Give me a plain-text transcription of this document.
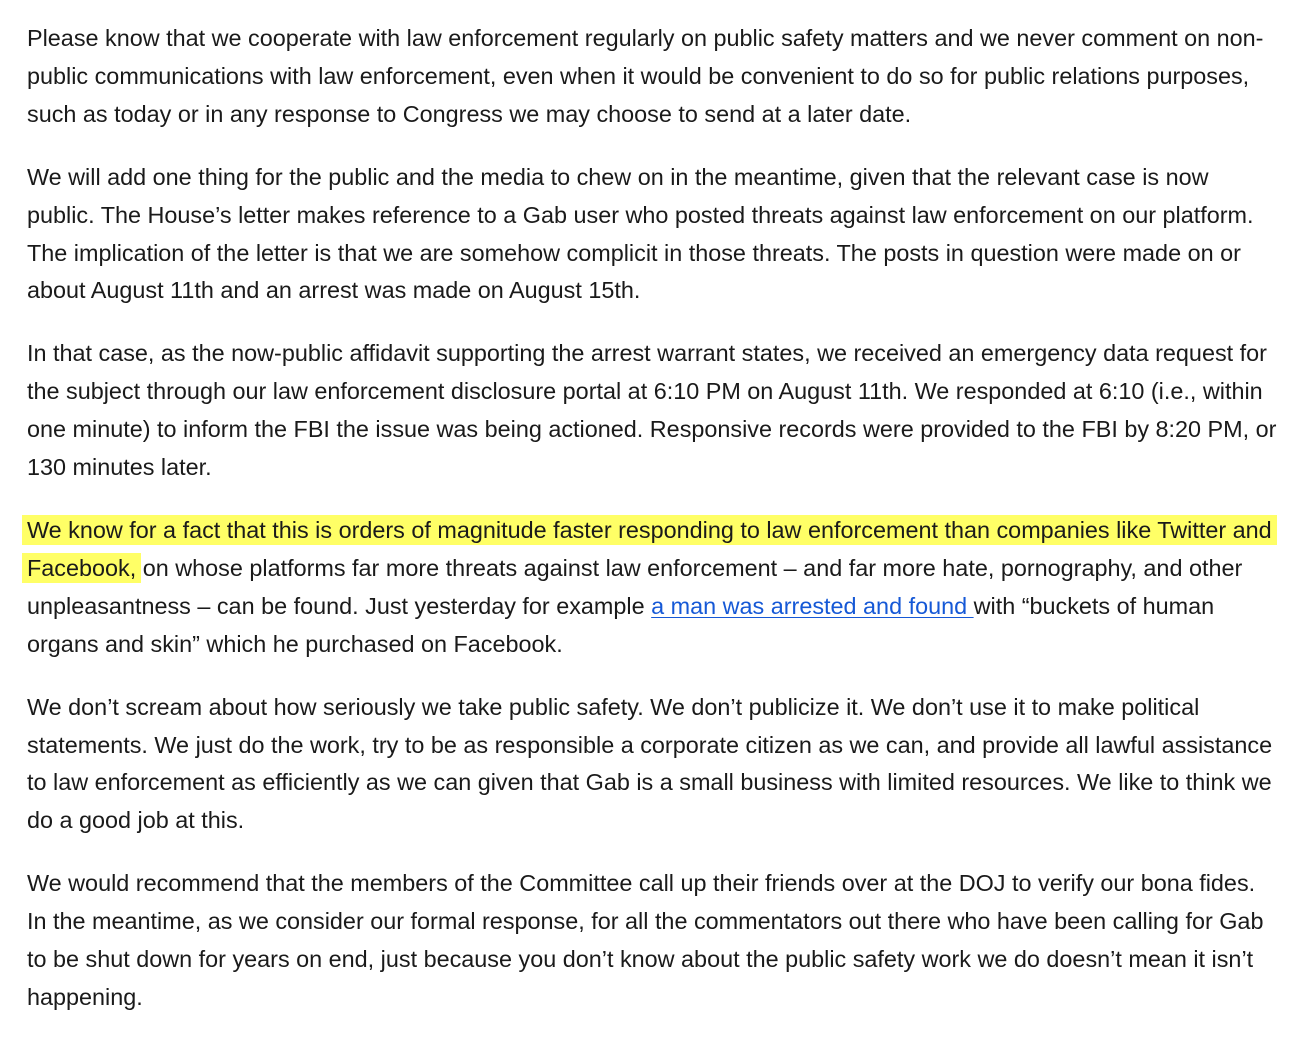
Please know that we cooperate with law enforcement regularly on public safety matters and we never comment on non-public communications with law enforcement, even when it would be convenient to do so for public relations purposes, such as today or in any response to Congress we may choose to send at a later date.

We will add one thing for the public and the media to chew on in the meantime, given that the relevant case is now public. The House’s letter makes reference to a Gab user who posted threats against law enforcement on our platform. The implication of the letter is that we are somehow complicit in those threats. The posts in question were made on or about August 11th and an arrest was made on August 15th.

In that case, as the now-public affidavit supporting the arrest warrant states, we received an emergency data request for the subject through our law enforcement disclosure portal at 6:10 PM on August 11th. We responded at 6:10 (i.e., within one minute) to inform the FBI the issue was being actioned. Responsive records were provided to the FBI by 8:20 PM, or 130 minutes later.

We know for a fact that this is orders of magnitude faster responding to law enforcement than companies like Twitter and Facebook, on whose platforms far more threats against law enforcement – and far more hate, pornography, and other unpleasantness – can be found. Just yesterday for example a man was arrested and found with “buckets of human organs and skin” which he purchased on Facebook.

We don’t scream about how seriously we take public safety. We don’t publicize it. We don’t use it to make political statements. We just do the work, try to be as responsible a corporate citizen as we can, and provide all lawful assistance to law enforcement as efficiently as we can given that Gab is a small business with limited resources. We like to think we do a good job at this.

We would recommend that the members of the Committee call up their friends over at the DOJ to verify our bona fides. In the meantime, as we consider our formal response, for all the commentators out there who have been calling for Gab to be shut down for years on end, just because you don’t know about the public safety work we do doesn’t mean it isn’t happening.
